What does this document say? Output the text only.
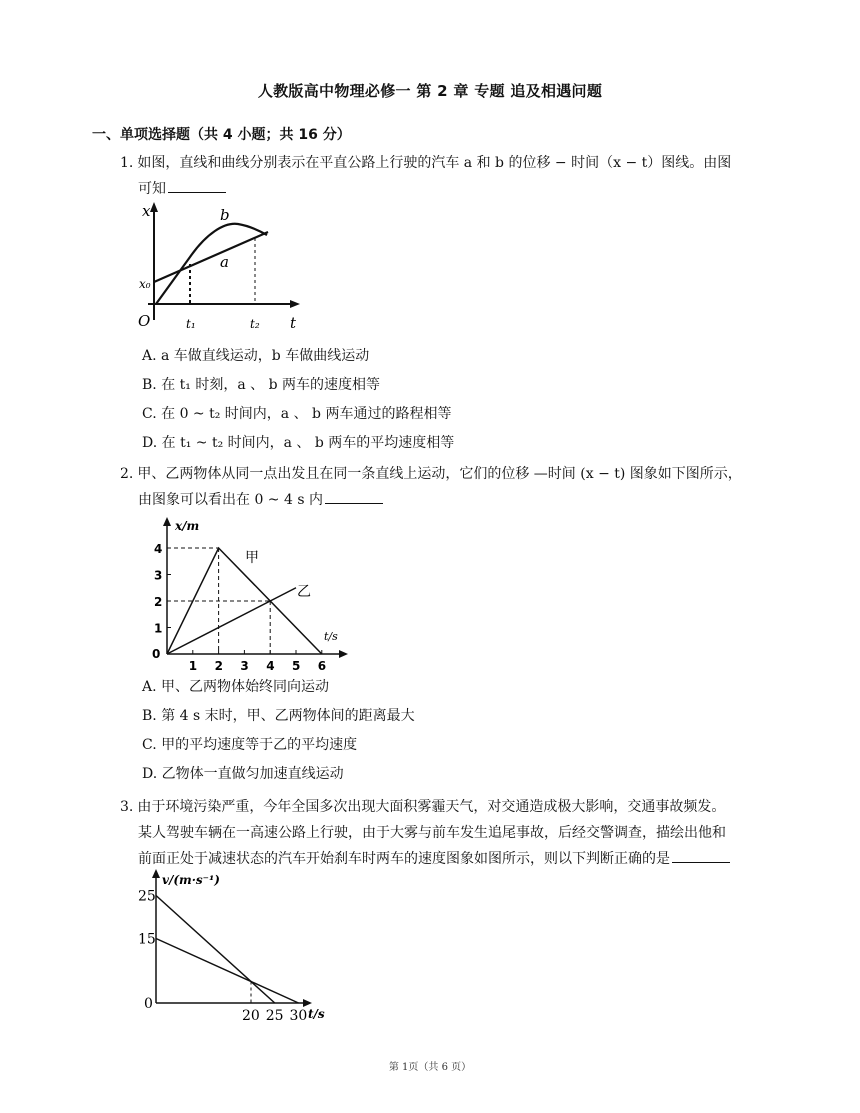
人教版高中物理必修一 第 2 章 专题 追及相遇问题
一、单项选择题（共 4 小题；共 16 分）
1. 如图，直线和曲线分别表示在平直公路上行驶的汽车 a 和 b 的位移 − 时间（x − t）图线。由图
可知
x
x₀
O	t₁	t₂ t
b
a
A. a 车做直线运动，b 车做曲线运动
B. 在 t₁ 时刻，a 、 b 两车的速度相等
C. 在 0 ~ t₂ 时间内，a 、 b 两车通过的路程相等
D. 在 t₁ ~ t₂ 时间内，a 、 b 两车的平均速度相等
2. 甲、乙两物体从同一点出发且在同一条直线上运动，它们的位移 —时间 (x − t) 图象如下图所示，
由图象可以看出在 0 ~ 4 s 内
x/m
t/s
0
1
2
3
4
1 2 3 4 5 6
甲
乙
A. 甲、乙两物体始终同向运动
B. 第 4 s 末时，甲、乙两物体间的距离最大
C. 甲的平均速度等于乙的平均速度
D. 乙物体一直做匀加速直线运动
3. 由于环境污染严重，今年全国多次出现大面积雾霾天气，对交通造成极大影响，交通事故频发。
某人驾驶车辆在一高速公路上行驶，由于大雾与前车发生追尾事故，后经交警调查，描绘出他和
前面正处于减速状态的汽车开始刹车时两车的速度图象如图所示，则以下判断正确的是
v/(m·s⁻¹)
t/s
0
15
25
20 25 30
第 1页（共 6 页）
